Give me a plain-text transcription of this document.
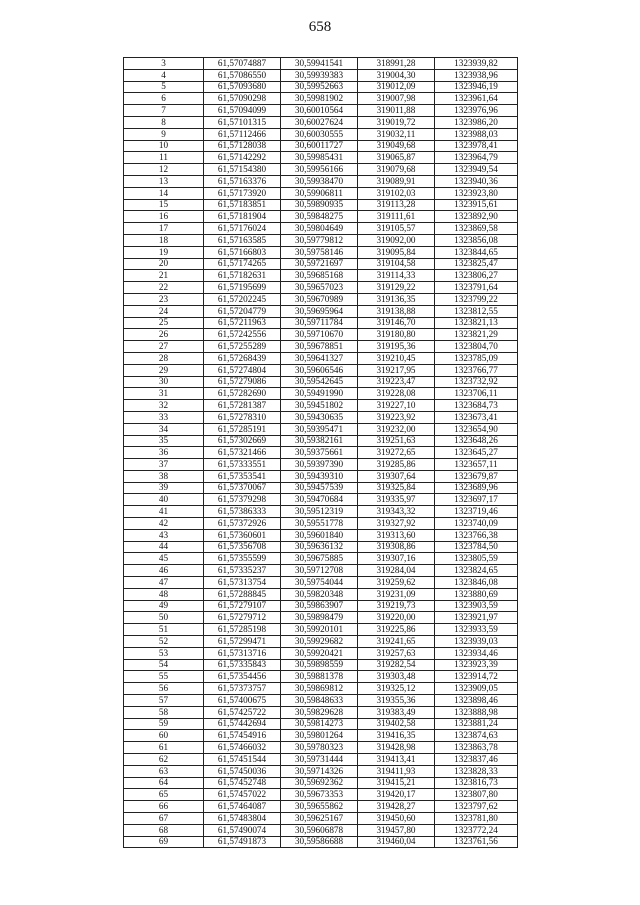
658
3	61,57074887	30,59941541	318991,28	1323939,82
4	61,57086550	30,59939383	319004,30	1323938,96
5	61,57093680	30,59952663	319012,09	1323946,19
6	61,57090298	30,59981902	319007,98	1323961,64
7	61,57094099	30,60010564	319011,88	1323976,96
8	61,57101315	30,60027624	319019,72	1323986,20
9	61,57112466	30,60030555	319032,11	1323988,03
10	61,57128038	30,60011727	319049,68	1323978,41
11	61,57142292	30,59985431	319065,87	1323964,79
12	61,57154380	30,59956166	319079,68	1323949,54
13	61,57163376	30,59938470	319089,91	1323940,36
14	61,57173920	30,59906811	319102,03	1323923,80
15	61,57183851	30,59890935	319113,28	1323915,61
16	61,57181904	30,59848275	319111,61	1323892,90
17	61,57176024	30,59804649	319105,57	1323869,58
18	61,57163585	30,59779812	319092,00	1323856,08
19	61,57166803	30,59758146	319095,84	1323844,65
20	61,57174265	30,59721697	319104,58	1323825,47
21	61,57182631	30,59685168	319114,33	1323806,27
22	61,57195699	30,59657023	319129,22	1323791,64
23	61,57202245	30,59670989	319136,35	1323799,22
24	61,57204779	30,59695964	319138,88	1323812,55
25	61,57211963	30,59711784	319146,70	1323821,13
26	61,57242556	30,59710670	319180,80	1323821,29
27	61,57255289	30,59678851	319195,36	1323804,70
28	61,57268439	30,59641327	319210,45	1323785,09
29	61,57274804	30,59606546	319217,95	1323766,77
30	61,57279086	30,59542645	319223,47	1323732,92
31	61,57282690	30,59491990	319228,08	1323706,11
32	61,57281387	30,59451802	319227,10	1323684,73
33	61,57278310	30,59430635	319223,92	1323673,41
34	61,57285191	30,59395471	319232,00	1323654,90
35	61,57302669	30,59382161	319251,63	1323648,26
36	61,57321466	30,59375661	319272,65	1323645,27
37	61,57333551	30,59397390	319285,86	1323657,11
38	61,57353541	30,59439310	319307,64	1323679,87
39	61,57370067	30,59457539	319325,84	1323689,96
40	61,57379298	30,59470684	319335,97	1323697,17
41	61,57386333	30,59512319	319343,32	1323719,46
42	61,57372926	30,59551778	319327,92	1323740,09
43	61,57360601	30,59601840	319313,60	1323766,38
44	61,57356708	30,59636132	319308,86	1323784,50
45	61,57355599	30,59675885	319307,16	1323805,59
46	61,57335237	30,59712708	319284,04	1323824,65
47	61,57313754	30,59754044	319259,62	1323846,08
48	61,57288845	30,59820348	319231,09	1323880,69
49	61,57279107	30,59863907	319219,73	1323903,59
50	61,57279712	30,59898479	319220,00	1323921,97
51	61,57285198	30,59920101	319225,86	1323933,59
52	61,57299471	30,59929682	319241,65	1323939,03
53	61,57313716	30,59920421	319257,63	1323934,46
54	61,57335843	30,59898559	319282,54	1323923,39
55	61,57354456	30,59881378	319303,48	1323914,72
56	61,57373757	30,59869812	319325,12	1323909,05
57	61,57400675	30,59848633	319355,36	1323898,46
58	61,57425722	30,59829628	319383,49	1323888,98
59	61,57442694	30,59814273	319402,58	1323881,24
60	61,57454916	30,59801264	319416,35	1323874,63
61	61,57466032	30,59780323	319428,98	1323863,78
62	61,57451544	30,59731444	319413,41	1323837,46
63	61,57450036	30,59714326	319411,93	1323828,33
64	61,57452748	30,59692362	319415,21	1323816,73
65	61,57457022	30,59673353	319420,17	1323807,80
66	61,57464087	30,59655862	319428,27	1323797,62
67	61,57483804	30,59625167	319450,60	1323781,80
68	61,57490074	30,59606878	319457,80	1323772,24
69	61,57491873	30,59586688	319460,04	1323761,56
